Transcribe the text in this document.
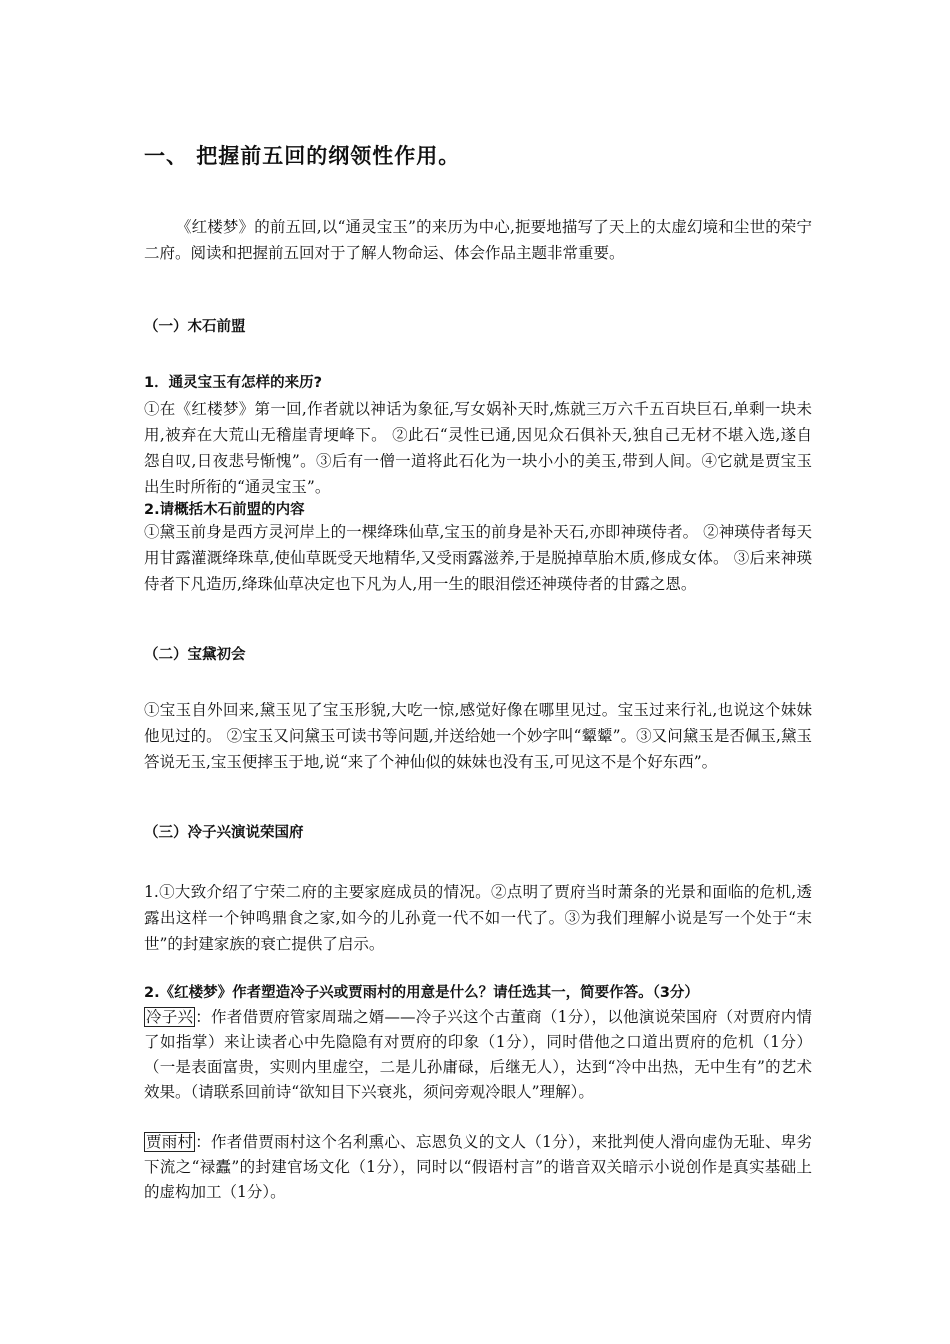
一、 把握前五回的纲领性作用。

《红楼梦》的前五回,以“通灵宝玉”的来历为中心,扼要地描写了天上的太虚幻境和尘世的荣宁二府。阅读和把握前五回对于了解人物命运、体会作品主题非常重要。

（一）木石前盟
1．通灵宝玉有怎样的来历?

①在《红楼梦》第一回,作者就以神话为象征,写女娲补天时,炼就三万六千五百块巨石,单剩一块未用,被弃在大荒山无稽崖青埂峰下。 ②此石“灵性已通,因见众石俱补天,独自己无材不堪入选,遂自怨自叹,日夜悲号惭愧”。③后有一僧一道将此石化为一块小小的美玉,带到人间。④它就是贾宝玉出生时所衔的“通灵宝玉”。

2.请概括木石前盟的内容

①黛玉前身是西方灵河岸上的一棵绛珠仙草,宝玉的前身是补天石,亦即神瑛侍者。 ②神瑛侍者每天用甘露灌溉绛珠草,使仙草既受天地精华,又受雨露滋养,于是脱掉草胎木质,修成女体。 ③后来神瑛侍者下凡造历,绛珠仙草决定也下凡为人,用一生的眼泪偿还神瑛侍者的甘露之恩。

（二）宝黛初会

①宝玉自外回来,黛玉见了宝玉形貌,大吃一惊,感觉好像在哪里见过。宝玉过来行礼,也说这个妹妹他见过的。 ②宝玉又问黛玉可读书等问题,并送给她一个妙字叫“颦颦”。③又问黛玉是否佩玉,黛玉答说无玉,宝玉便摔玉于地,说“来了个神仙似的妹妹也没有玉,可见这不是个好东西”。

（三）冷子兴演说荣国府

1.①大致介绍了宁荣二府的主要家庭成员的情况。②点明了贾府当时萧条的光景和面临的危机,透露出这样一个钟鸣鼎食之家,如今的儿孙竟一代不如一代了。③为我们理解小说是写一个处于“末世”的封建家族的衰亡提供了启示。

2.《红楼梦》作者塑造冷子兴或贾雨村的用意是什么？请任选其一，简要作答。（3分）

冷子兴 ：作者借贾府管家周瑞之婿——冷子兴这个古董商（1分），以他演说荣国府（对贾府内情了如指掌）来让读者心中先隐隐有对贾府的印象（1分），同时借他之口道出贾府的危机（1分）（一是表面富贵，实则内里虚空，二是儿孙庸碌，后继无人），达到“冷中出热，无中生有”的艺术效果。（请联系回前诗“欲知目下兴衰兆，须问旁观冷眼人”理解）。

贾雨村 ：作者借贾雨村这个名利熏心、忘恩负义的文人（1分），来批判使人滑向虚伪无耻、卑劣下流之“禄蠹”的封建官场文化（1分），同时以“假语村言”的谐音双关暗示小说创作是真实基础上的虚构加工（1分）。
